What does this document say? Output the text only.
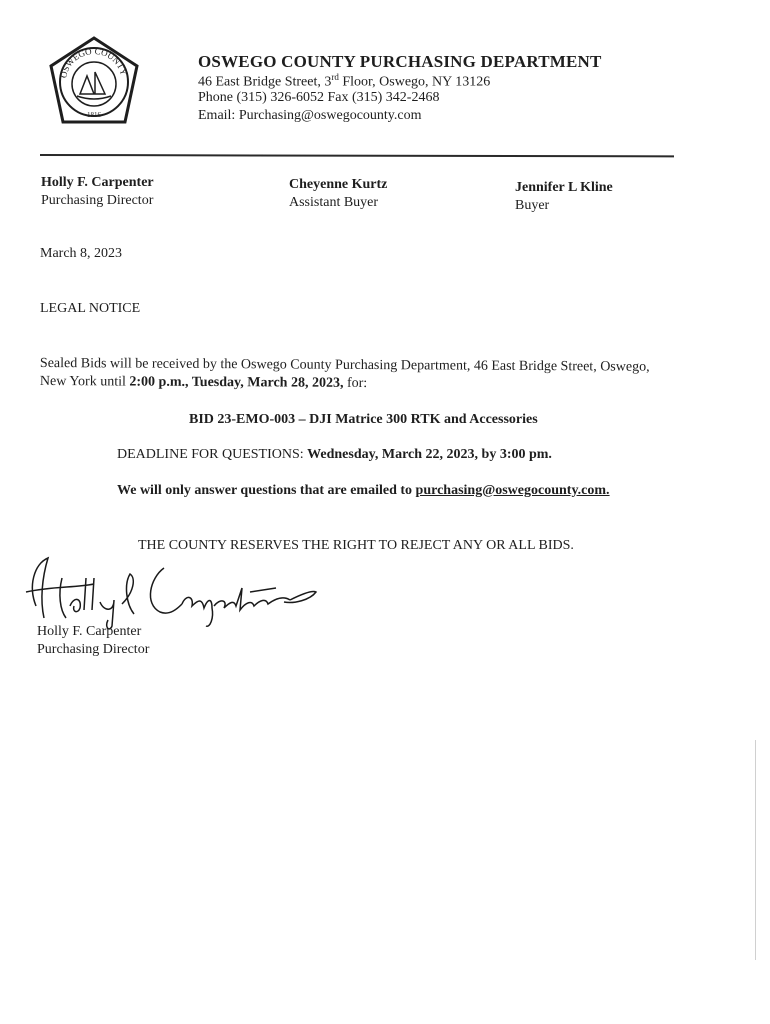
OSWEGO COUNTY
1816
OSWEGO COUNTY PURCHASING DEPARTMENT
46 East Bridge Street, 3rd Floor, Oswego, NY 13126
Phone (315) 326-6052 Fax (315) 342-2468
Email: Purchasing@oswegocounty.com
Holly F. Carpenter
Purchasing Director
Cheyenne Kurtz
Assistant Buyer
Jennifer L Kline
Buyer
March 8, 2023
LEGAL NOTICE
Sealed Bids will be received by the Oswego County Purchasing Department, 46 East Bridge Street, Oswego,
New York until 2:00 p.m., Tuesday, March 28, 2023, for:
BID 23-EMO-003 – DJI Matrice 300 RTK and Accessories
DEADLINE FOR QUESTIONS: Wednesday, March 22, 2023, by 3:00 pm.
We will only answer questions that are emailed to purchasing@oswegocounty.com.
THE COUNTY RESERVES THE RIGHT TO REJECT ANY OR ALL BIDS.
Holly F. Carpenter
Holly F. Carpenter
Purchasing Director
